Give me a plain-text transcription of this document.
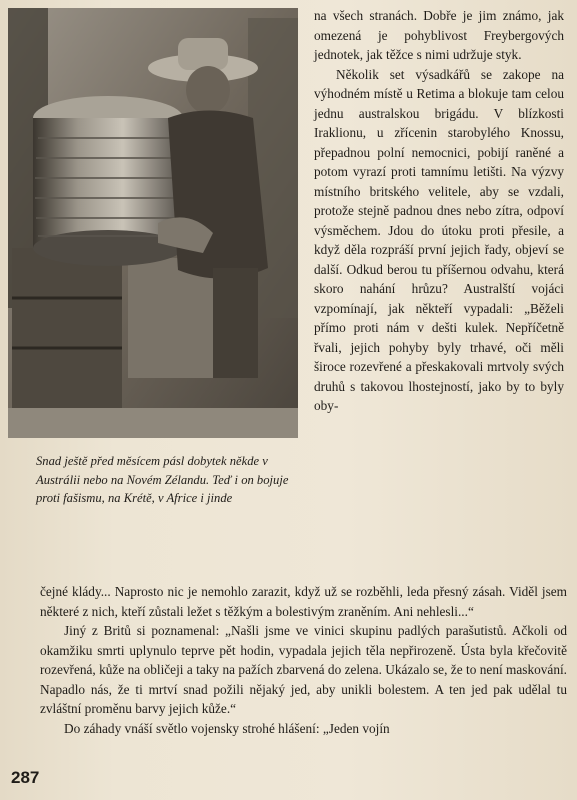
Snad ještě před měsícem pásl dobytek někde v Austrálii nebo na Novém Zélandu. Teď i on bojuje proti fašismu, na Krétě, v Africe i jinde

na všech stranách. Dobře je jim známo, jak omezená je pohyblivost Freybergových jednotek, jak těžce s nimi udržuje styk.

Několik set výsadkářů se zakope na výhodném místě u Retima a blokuje tam celou jednu australskou brigádu. V blízkosti Iraklionu, u zřícenin starobylého Knossu, přepadnou polní nemocnici, pobijí raněné a potom vyrazí proti tamnímu letišti. Na výzvy místního britského velitele, aby se vzdali, protože stejně padnou dnes nebo zítra, odpoví výsměchem. Jdou do útoku proti přesile, a když děla rozpráší první jejich řady, objeví se další. Odkud berou tu příšernou odvahu, která skoro nahání hrůzu? Australští vojáci vzpomínají, jak někteří vypadali: „Běželi přímo proti nám v dešti kulek. Nepříčetně řvali, jejich pohyby byly trhavé, oči měli široce rozevřené a přeskakovali mrtvoly svých druhů s takovou lhostejností, jako by to byly oby-

čejné klády... Naprosto nic je nemohlo zarazit, když už se rozběhli, leda přesný zásah. Viděl jsem některé z nich, kteří zůstali ležet s těžkým a bolestivým zraněním. Ani nehlesli...“

Jiný z Britů si poznamenal: „Našli jsme ve vinici skupinu padlých parašutistů. Ačkoli od okamžiku smrti uplynulo teprve pět hodin, vypadala jejich těla nepřirozeně. Ústa byla křečovitě rozevřená, kůže na obličeji a taky na pažích zbarvená do zelena. Ukázalo se, že to není maskování. Napadlo nás, že ti mrtví snad požili nějaký jed, aby unikli bolestem. A ten jed pak udělal tu zvláštní proměnu barvy jejich kůže.“

Do záhady vnáší světlo vojensky strohé hlášení: „Jeden vojín

287
